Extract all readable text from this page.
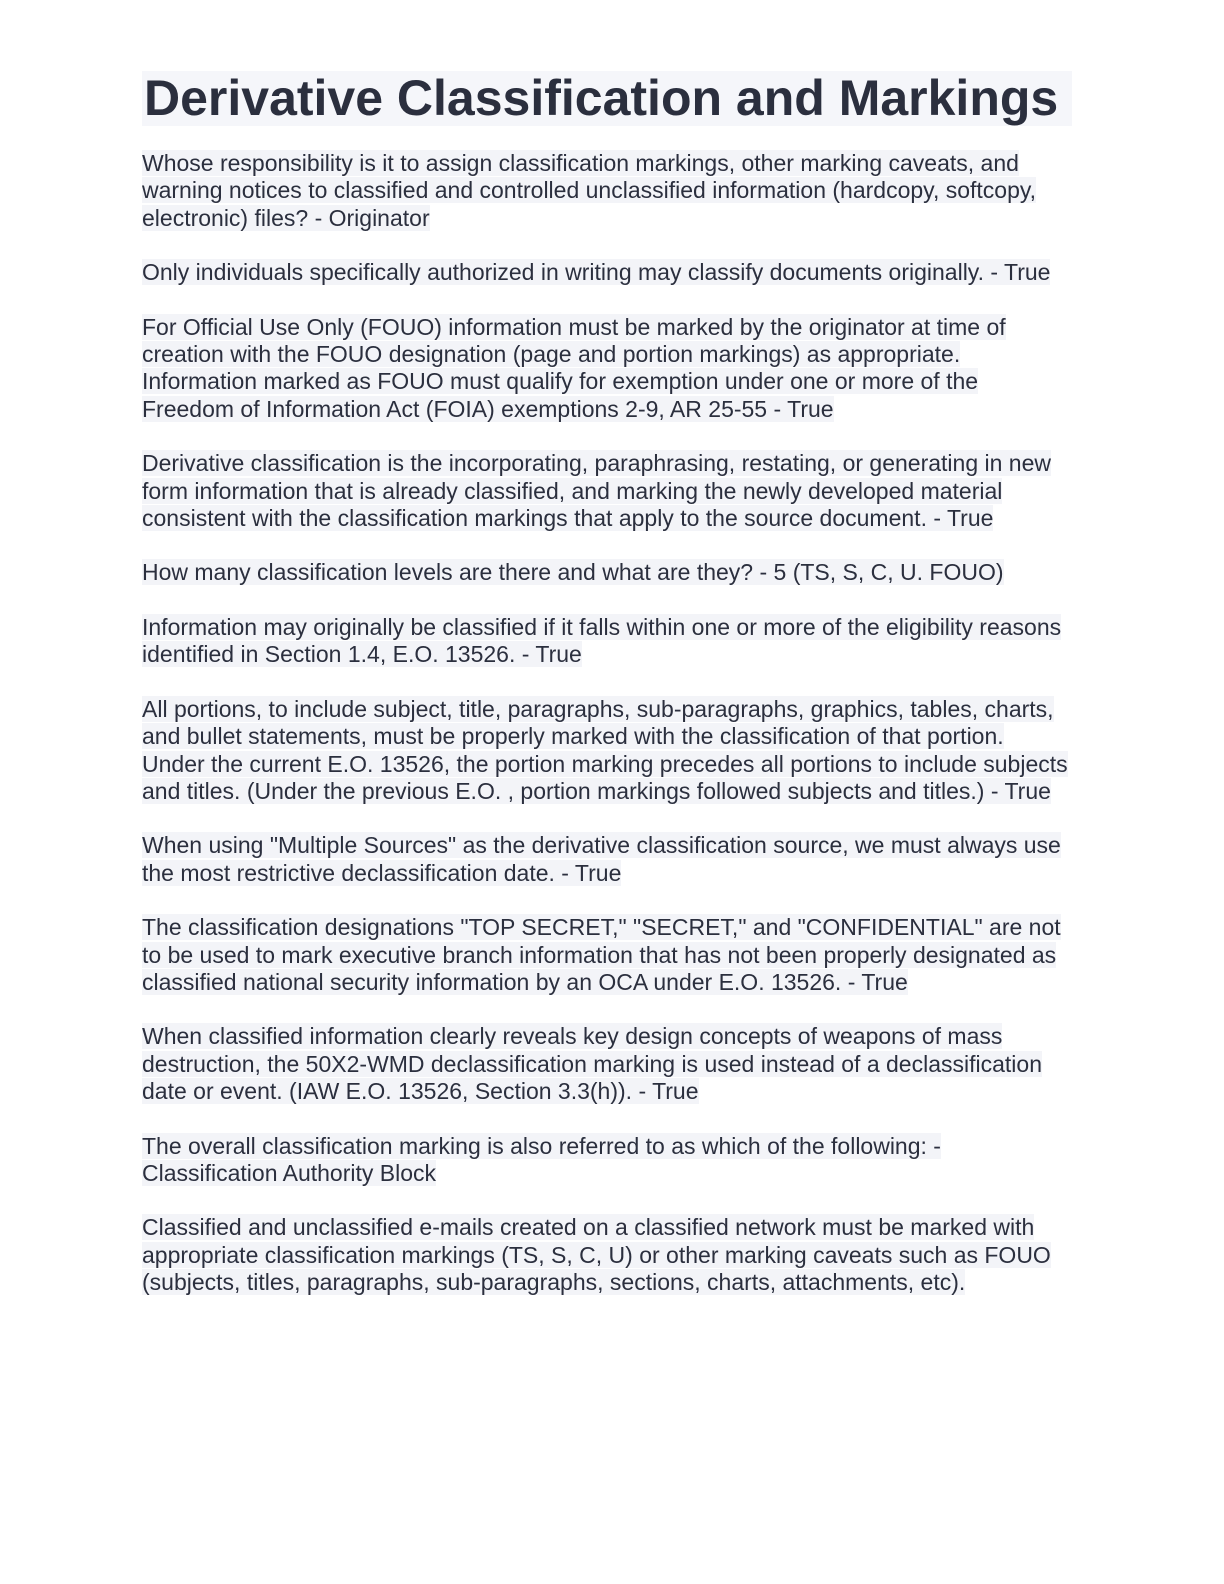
Derivative Classification and Markings

Whose responsibility is it to assign classification markings, other marking caveats, and warning notices to classified and controlled unclassified information (hardcopy, softcopy, electronic) files? - Originator

Only individuals specifically authorized in writing may classify documents originally. - True

For Official Use Only (FOUO) information must be marked by the originator at time of creation with the FOUO designation (page and portion markings) as appropriate. Information marked as FOUO must qualify for exemption under one or more of the Freedom of Information Act (FOIA) exemptions 2-9, AR 25-55 - True

Derivative classification is the incorporating, paraphrasing, restating, or generating in new form information that is already classified, and marking the newly developed material consistent with the classification markings that apply to the source document. - True

How many classification levels are there and what are they? - 5 (TS, S, C, U. FOUO)

Information may originally be classified if it falls within one or more of the eligibility reasons identified in Section 1.4, E.O. 13526. - True

All portions, to include subject, title, paragraphs, sub-paragraphs, graphics, tables, charts, and bullet statements, must be properly marked with the classification of that portion. Under the current E.O. 13526, the portion marking precedes all portions to include subjects and titles. (Under the previous E.O. , portion markings followed subjects and titles.) - True

When using "Multiple Sources" as the derivative classification source, we must always use the most restrictive declassification date. - True

The classification designations "TOP SECRET," "SECRET," and "CONFIDENTIAL" are not to be used to mark executive branch information that has not been properly designated as classified national security information by an OCA under E.O. 13526. - True

When classified information clearly reveals key design concepts of weapons of mass destruction, the 50X2-WMD declassification marking is used instead of a declassification date or event. (IAW E.O. 13526, Section 3.3(h)). - True

The overall classification marking is also referred to as which of the following: - Classification Authority Block

Classified and unclassified e-mails created on a classified network must be marked with appropriate classification markings (TS, S, C, U) or other marking caveats such as FOUO (subjects, titles, paragraphs, sub-paragraphs, sections, charts, attachments, etc).
